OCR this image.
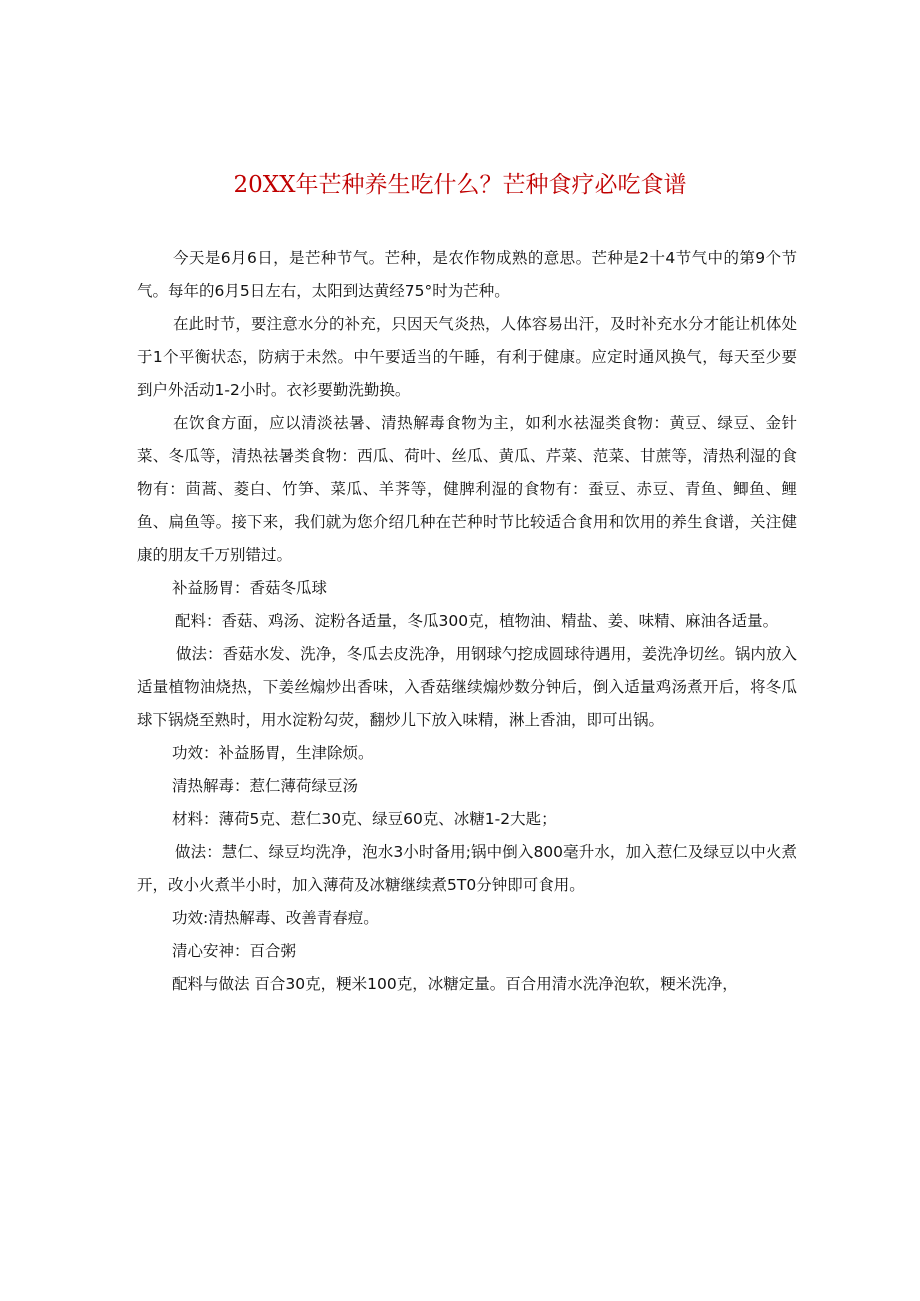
20XX年芒种养生吃什么？芒种食疗必吃食谱

今天是6月6日，是芒种节气。芒种，是农作物成熟的意思。芒种是2十4节气中的第9个节气。每年的6月5日左右，太阳到达黄经75°时为芒种。

在此时节，要注意水分的补充，只因天气炎热，人体容易出汗，及时补充水分才能让机体处于1个平衡状态，防病于未然。中午要适当的午睡，有利于健康。应定时通风换气，每天至少要到户外活动1-2小时。衣衫要勤洗勤换。

在饮食方面，应以清淡祛暑、清热解毒食物为主，如利水祛湿类食物：黄豆、绿豆、金针菜、冬瓜等，清热祛暑类食物：西瓜、荷叶、丝瓜、黄瓜、芹菜、范菜、甘蔗等，清热利湿的食物有：茴蒿、菱白、竹笋、菜瓜、羊荠等，健脾利湿的食物有：蚕豆、赤豆、青鱼、鲫鱼、鲤鱼、扁鱼等。接下来，我们就为您介绍几种在芒种时节比较适合食用和饮用的养生食谱，关注健康的朋友千万别错过。

补益肠胃：香菇冬瓜球

配料：香菇、鸡汤、淀粉各适量，冬瓜300克，植物油、精盐、姜、味精、麻油各适量。

做法：香菇水发、洗净，冬瓜去皮洗净，用钢球勺挖成圆球待遇用，姜洗净切丝。锅内放入适量植物油烧热，下姜丝煽炒出香味，入香菇继续煽炒数分钟后，倒入适量鸡汤煮开后，将冬瓜球下锅烧至熟时，用水淀粉勾荧，翻炒儿下放入味精，淋上香油，即可出锅。

功效：补益肠胃，生津除烦。

清热解毒：惹仁薄荷绿豆汤

材料：薄荷5克、惹仁30克、绿豆60克、冰糖1-2大匙；

做法：慧仁、绿豆均洗净，泡水3小时备用;锅中倒入800毫升水，加入惹仁及绿豆以中火煮开，改小火煮半小时，加入薄荷及冰糖继续煮5T0分钟即可食用。

功效:清热解毒、改善青春痘。

清心安神：百合粥

配料与做法 百合30克，粳米100克，冰糖定量。百合用清水洗净泡软，粳米洗净，
